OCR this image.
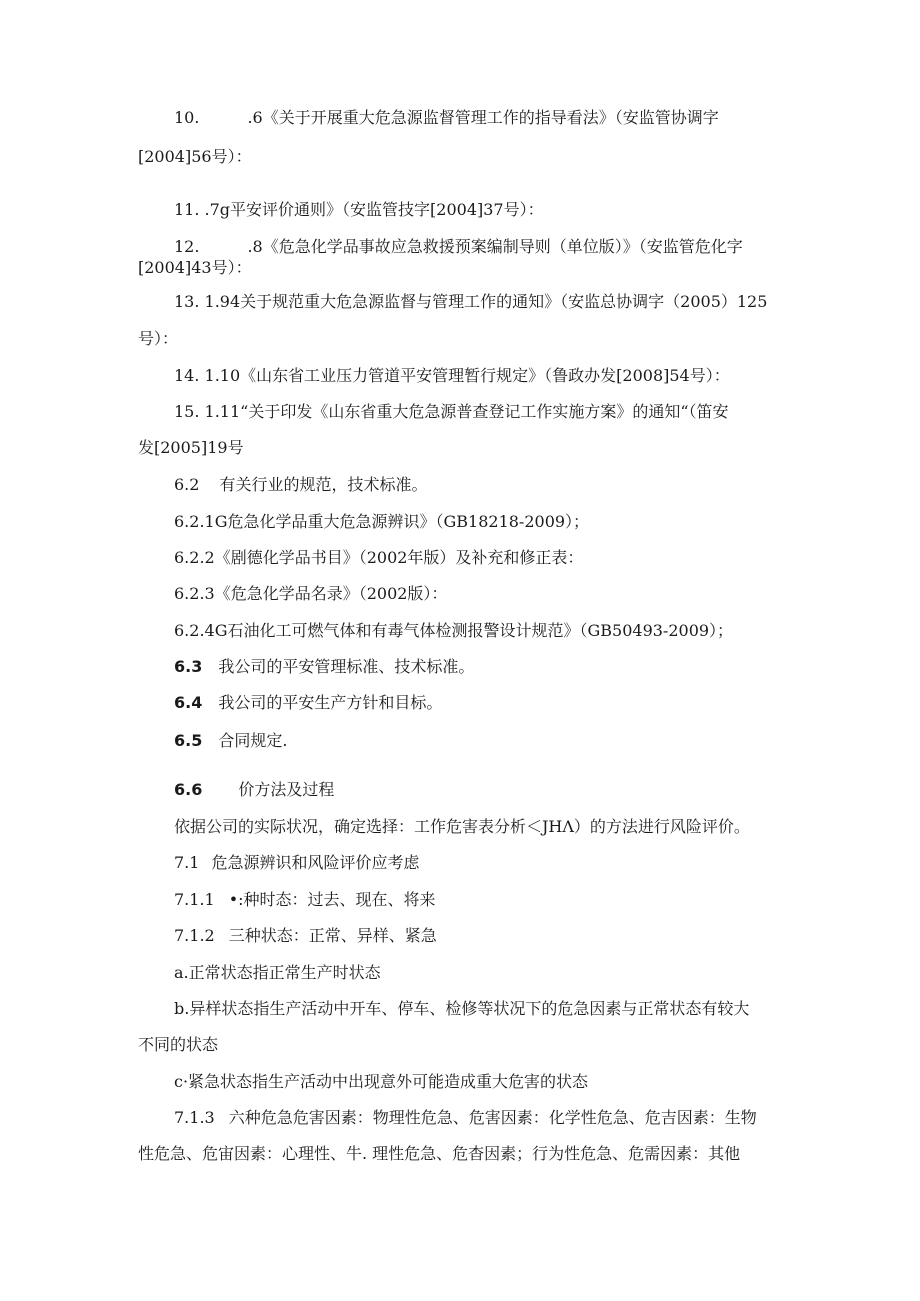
10.	.6《关于开展重大危急源监督管理工作的指导看法》（安监管协调字
[2004]56号）：
11. .7g平安评价通则》（安监管技字[2004]37号）：
12.	.8《危急化学品事故应急救援预案编制导则（单位版）》（安监管危化字
[2004]43号）：
13. 1.94关于规范重大危急源监督与管理工作的通知》（安监总协调字（2005）125
号）：
14. 1.10《山东省工业压力管道平安管理暂行规定》（鲁政办发[2008]54号）：
15. 1.11“关于印发《山东省重大危急源普查登记工作实施方案》的通知“（笛安
发[2005]19号
6.2 有关行业的规范，技术标准。
6.2.1G危急化学品重大危急源辨识》（GB18218-2009）；
6.2.2《剧德化学品书目》（2002年版）及补充和修正表：
6.2.3《危急化学品名录》（2002版）：
6.2.4G石油化工可燃气体和有毒气体检测报警设计规范》（GB50493-2009）；
6.3 我公司的平安管理标准、技术标准。
6.4 我公司的平安生产方针和目标。
6.5 合同规定.
6.6 价方法及过程
依据公司的实际状况，确定选择：工作危害表分析＜JHΛ）的方法进行风险评价。
7.1 危急源辨识和风险评价应考虑
7.1.1 •:种时态：过去、现在、将来
7.1.2 三种状态：正常、异样、紧急
a.正常状态指正常生产时状态
b.异样状态指生产活动中开车、停车、检修等状况下的危急因素与正常状态有较大
不同的状态
c·紧急状态指生产活动中出现意外可能造成重大危害的状态
7.1.3 六种危急危害因素：物理性危急、危害因素：化学性危急、危吉因素：生物
性危急、危宙因素：心理性、牛. 理性危急、危杳因素；行为性危急、危需因素：其他
